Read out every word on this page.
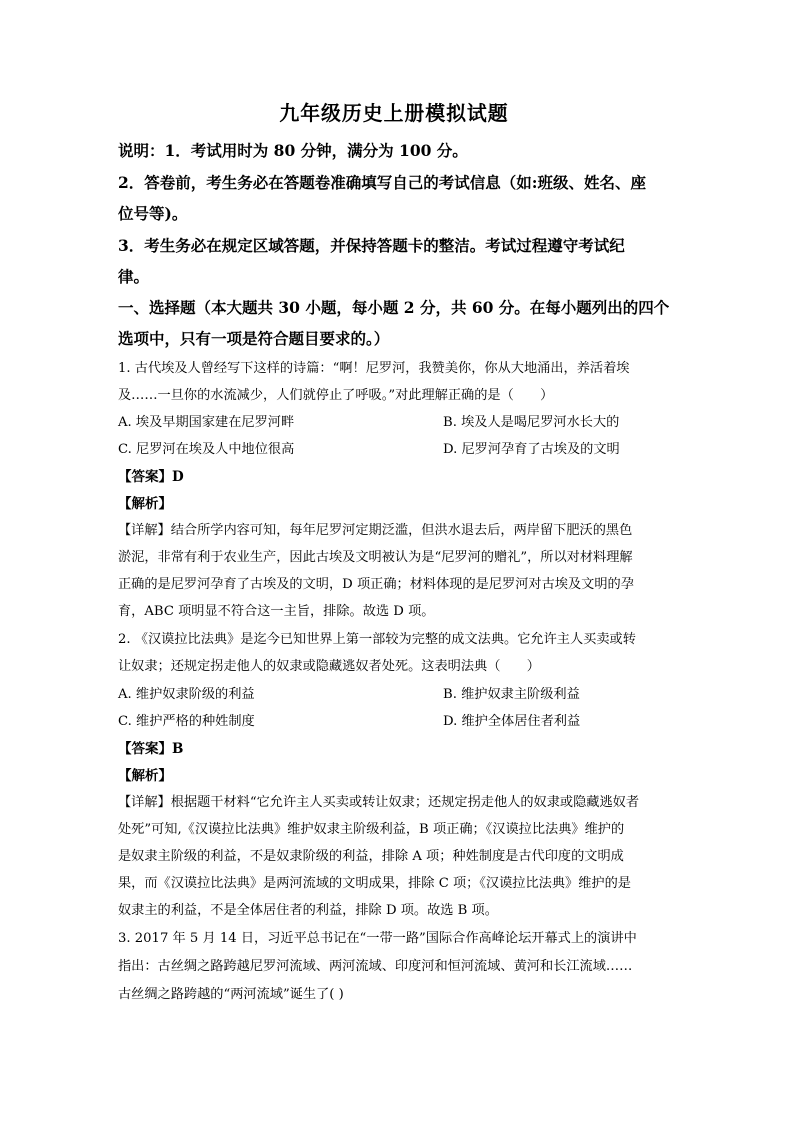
九年级历史上册模拟试题
说明：1．考试用时为 80 分钟，满分为 100 分。
2．答卷前，考生务必在答题卷准确填写自己的考试信息（如:班级、姓名、座
位号等)。
3．考生务必在规定区域答题，并保持答题卡的整洁。考试过程遵守考试纪
律。
一、选择题（本大题共 30 小题，每小题 2 分，共 60 分。在每小题列出的四个
选项中，只有一项是符合题目要求的。）
1. 古代埃及人曾经写下这样的诗篇：“啊！尼罗河，我赞美你，你从大地涌出，养活着埃
及……一旦你的水流减少，人们就停止了呼吸。”对此理解正确的是（　　）
A. 埃及早期国家建在尼罗河畔	B. 埃及人是喝尼罗河水长大的
C. 尼罗河在埃及人中地位很高	D. 尼罗河孕育了古埃及的文明
【答案】D
【解析】
【详解】结合所学内容可知，每年尼罗河定期泛滥，但洪水退去后，两岸留下肥沃的黑色
淤泥，非常有利于农业生产，因此古埃及文明被认为是“尼罗河的赠礼”，所以对材料理解
正确的是尼罗河孕育了古埃及的文明，D 项正确；材料体现的是尼罗河对古埃及文明的孕
育，ABC 项明显不符合这一主旨，排除。故选 D 项。
2. 《汉谟拉比法典》是迄今已知世界上第一部较为完整的成文法典。它允许主人买卖或转
让奴隶；还规定拐走他人的奴隶或隐藏逃奴者处死。这表明法典（　　）
A. 维护奴隶阶级的利益	B. 维护奴隶主阶级利益
C. 维护严格的种姓制度	D. 维护全体居住者利益
【答案】B
【解析】
【详解】根据题干材料“它允许主人买卖或转让奴隶；还规定拐走他人的奴隶或隐藏逃奴者
处死”可知,《汉谟拉比法典》维护奴隶主阶级利益，B 项正确；《汉谟拉比法典》维护的
是奴隶主阶级的利益，不是奴隶阶级的利益，排除 A 项；种姓制度是古代印度的文明成
果，而《汉谟拉比法典》是两河流域的文明成果，排除 C 项；《汉谟拉比法典》维护的是
奴隶主的利益，不是全体居住者的利益，排除 D 项。故选 B 项。
3. 2017 年 5 月 14 日，习近平总书记在“一带一路”国际合作高峰论坛开幕式上的演讲中
指出：古丝绸之路跨越尼罗河流域、两河流域、印度河和恒河流域、黄河和长江流域……
古丝绸之路跨越的“两河流域”诞生了( )
